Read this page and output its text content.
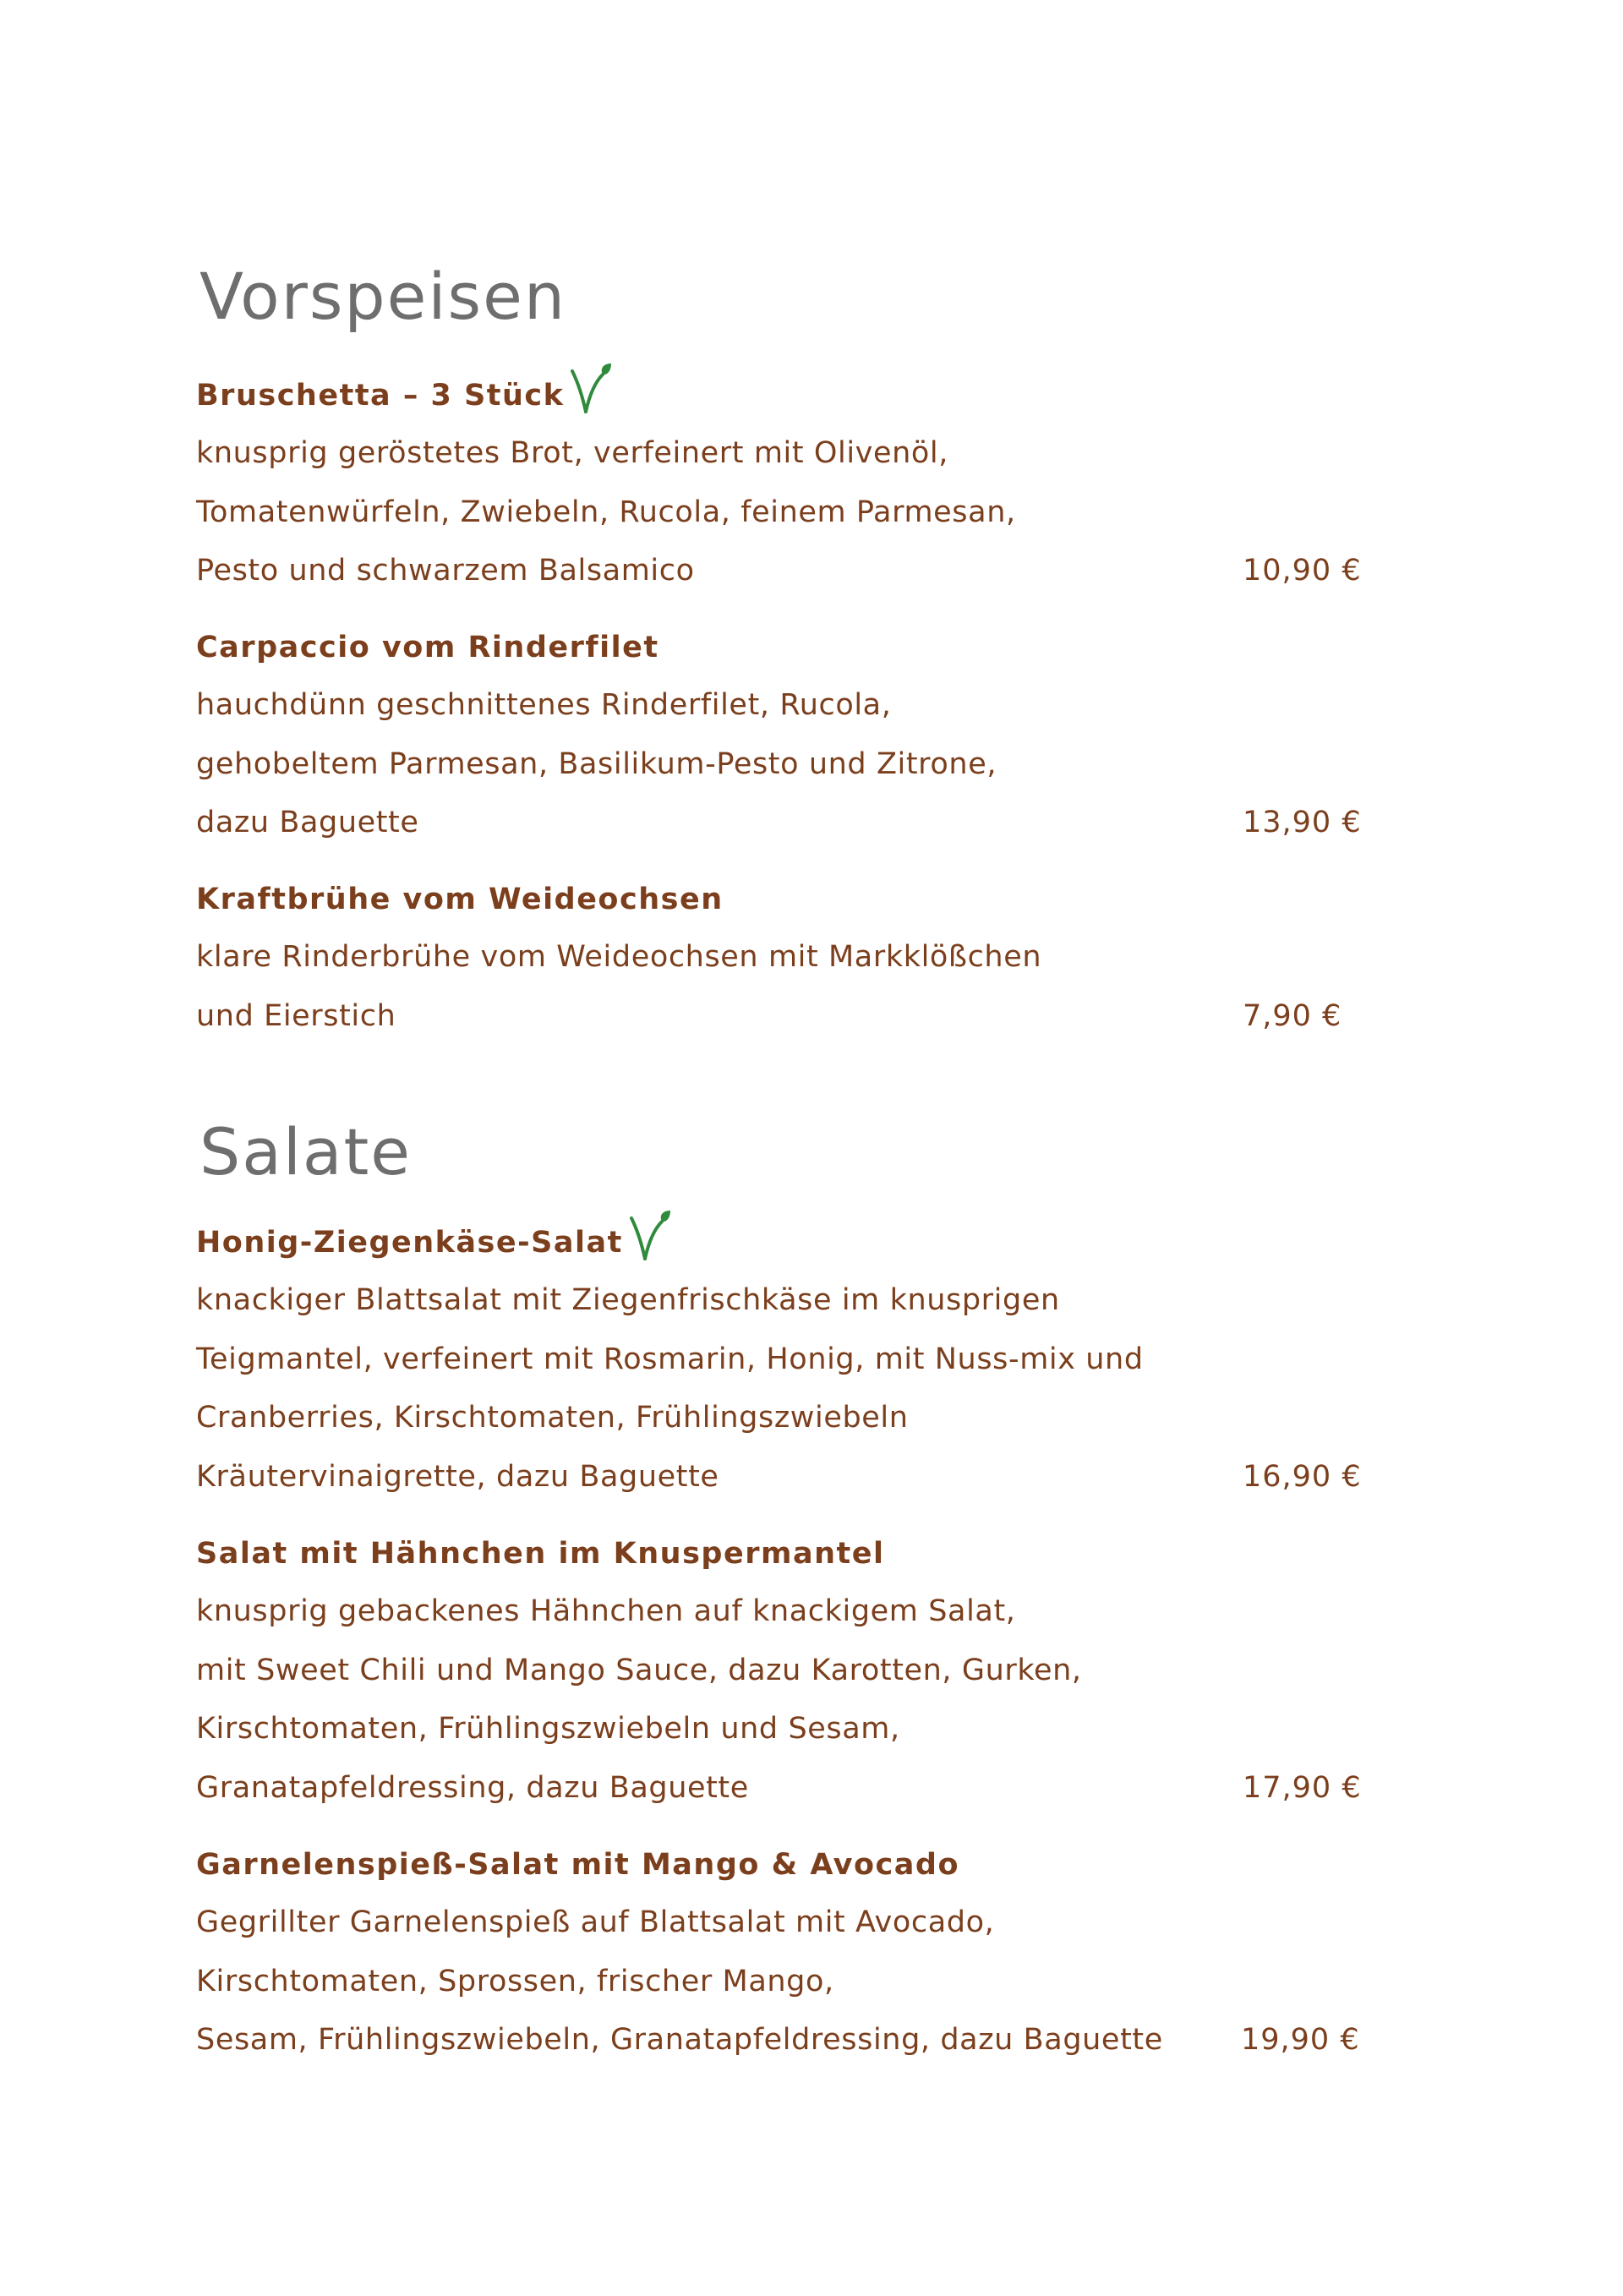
Vorspeisen
Bruschetta – 3 Stück
knusprig geröstetes Brot, verfeinert mit Olivenöl,
Tomatenwürfeln, Zwiebeln, Rucola, feinem Parmesan,
Pesto und schwarzem Balsamico	10,90 €
Carpaccio vom Rinderfilet
hauchdünn geschnittenes Rinderfilet, Rucola,
gehobeltem Parmesan, Basilikum-Pesto und Zitrone,
dazu Baguette	13,90 €
Kraftbrühe vom Weideochsen
klare Rinderbrühe vom Weideochsen mit Markklößchen
und Eierstich	7,90 €
Salate
Honig-Ziegenkäse-Salat
knackiger Blattsalat mit Ziegenfrischkäse im knusprigen
Teigmantel, verfeinert mit Rosmarin, Honig, mit Nuss-mix und
Cranberries, Kirschtomaten, Frühlingszwiebeln
Kräutervinaigrette, dazu Baguette	16,90 €
Salat mit Hähnchen im Knuspermantel
knusprig gebackenes Hähnchen auf knackigem Salat,
mit Sweet Chili und Mango Sauce, dazu Karotten, Gurken,
Kirschtomaten, Frühlingszwiebeln und Sesam,
Granatapfeldressing, dazu Baguette	17,90 €
Garnelenspieß-Salat mit Mango & Avocado
Gegrillter Garnelenspieß auf Blattsalat mit Avocado,
Kirschtomaten, Sprossen, frischer Mango,
Sesam, Frühlingszwiebeln, Granatapfeldressing, dazu Baguette	19,90 €
